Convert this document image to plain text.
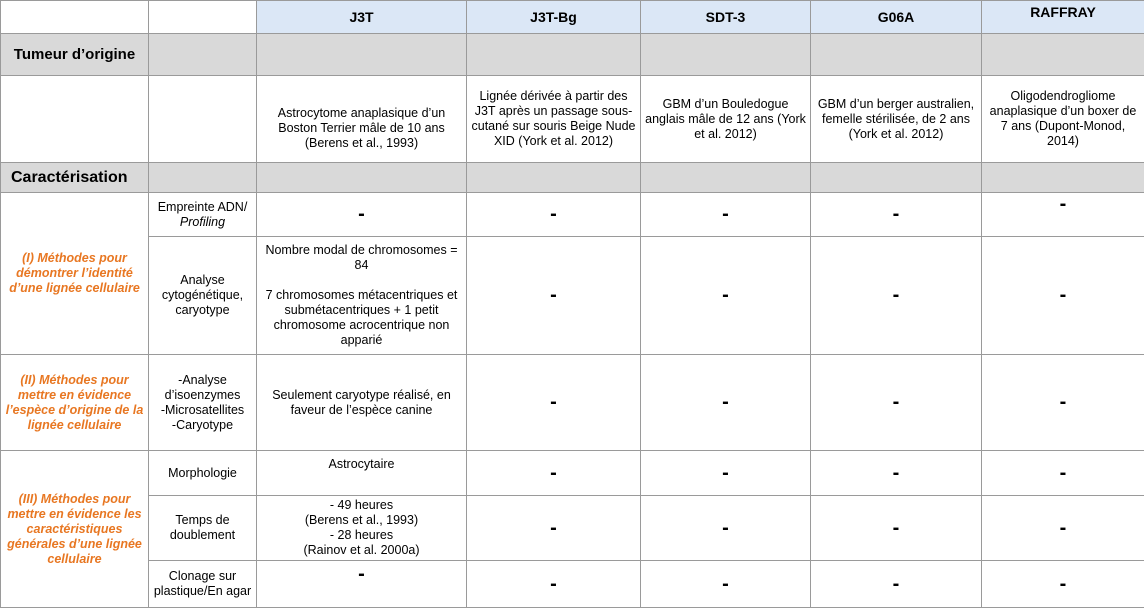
		J3T	J3T-Bg	SDT-3	G06A	RAFFRAY
Tumeur d’origine						
		Astrocytome anaplasique d’un Boston Terrier mâle de 10 ans (Berens et al., 1993)	Lignée dérivée à partir des J3T après un passage sous-cutané sur souris Beige Nude XID (York et al. 2012)	GBM d’un Bouledogue anglais mâle de 12 ans (York et al. 2012)	GBM d’un berger australien, femelle stérilisée, de 2 ans (York et al. 2012)	Oligodendrogliome anaplasique d’un boxer de 7 ans (Dupont-Monod, 2014)
Caractérisation						
(I) Méthodes pour démontrer l’identité d’une lignée cellulaire	Empreinte ADN/ Profiling	-	-	-	-	-
	Analyse cytogénétique, caryotype	Nombre modal de chromosomes = 84

7 chromosomes métacentriques et submétacentriques + 1 petit chromosome acrocentrique non apparié	-	-	-	-
(II) Méthodes pour mettre en évidence l’espèce d’origine de la lignée cellulaire	-Analyse d’isoenzymes
-Microsatellites
-Caryotype	Seulement caryotype réalisé, en faveur de l’espèce canine	-	-	-	-
(III) Méthodes pour mettre en évidence les caractéristiques générales d’une lignée cellulaire	Morphologie	Astrocytaire	-	-	-	-
	Temps de doublement	- 49 heures
(Berens et al., 1993)
- 28 heures
(Rainov et al. 2000a)	-	-	-	-
	Clonage sur plastique/En agar	-	-	-	-	-
